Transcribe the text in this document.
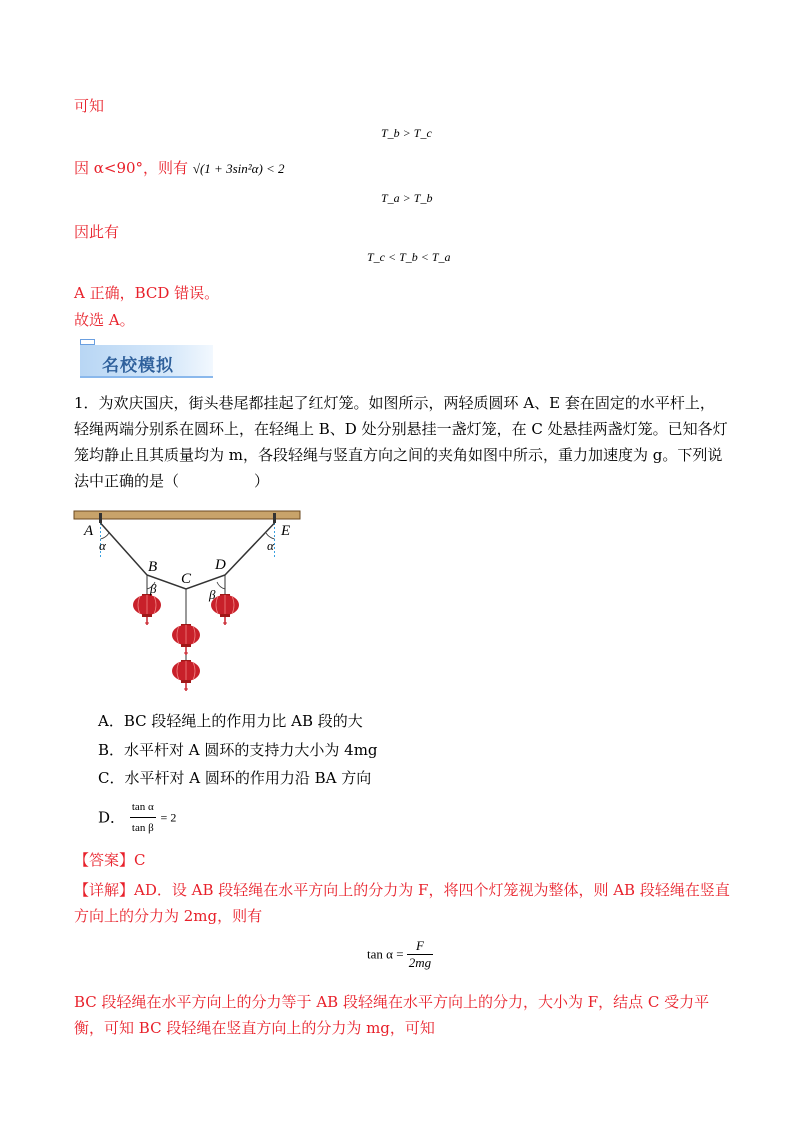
可知
T_b > T_c
因 α<90°，则有 √(1 + 3sin²α) < 2
T_a > T_b
因此有
T_c < T_b < T_a
A 正确，BCD 错误。
故选 A。
名校模拟
1．为欢庆国庆，街头巷尾都挂起了红灯笼。如图所示，两轻质圆环 A、E 套在固定的水平杆上，轻绳两端分别系在圆环上，在轻绳上 B、D 处分别悬挂一盏灯笼，在 C 处悬挂两盏灯笼。已知各灯笼均静止且其质量均为 m，各段轻绳与竖直方向之间的夹角如图中所示，重力加速度为 g。下列说法中正确的是（　　　　　）
A	E
α	α
B
C
D
β	β
A．BC 段轻绳上的作用力比 AB 段的大
B．水平杆对 A 圆环的支持力大小为 4mg
C．水平杆对 A 圆环的作用力沿 BA 方向
D． $\frac{\text{tan α}}{\text{tan β}} = 2$
【答案】C
【详解】AD．设 AB 段轻绳在水平方向上的分力为 F，将四个灯笼视为整体，则 AB 段轻绳在竖直方向上的分力为 2mg，则有
$\tan \alpha = \frac{F}{2mg}$
BC 段轻绳在水平方向上的分力等于 AB 段轻绳在水平方向上的分力，大小为 F，结点 C 受力平衡，可知 BC 段轻绳在竖直方向上的分力为 mg，可知
